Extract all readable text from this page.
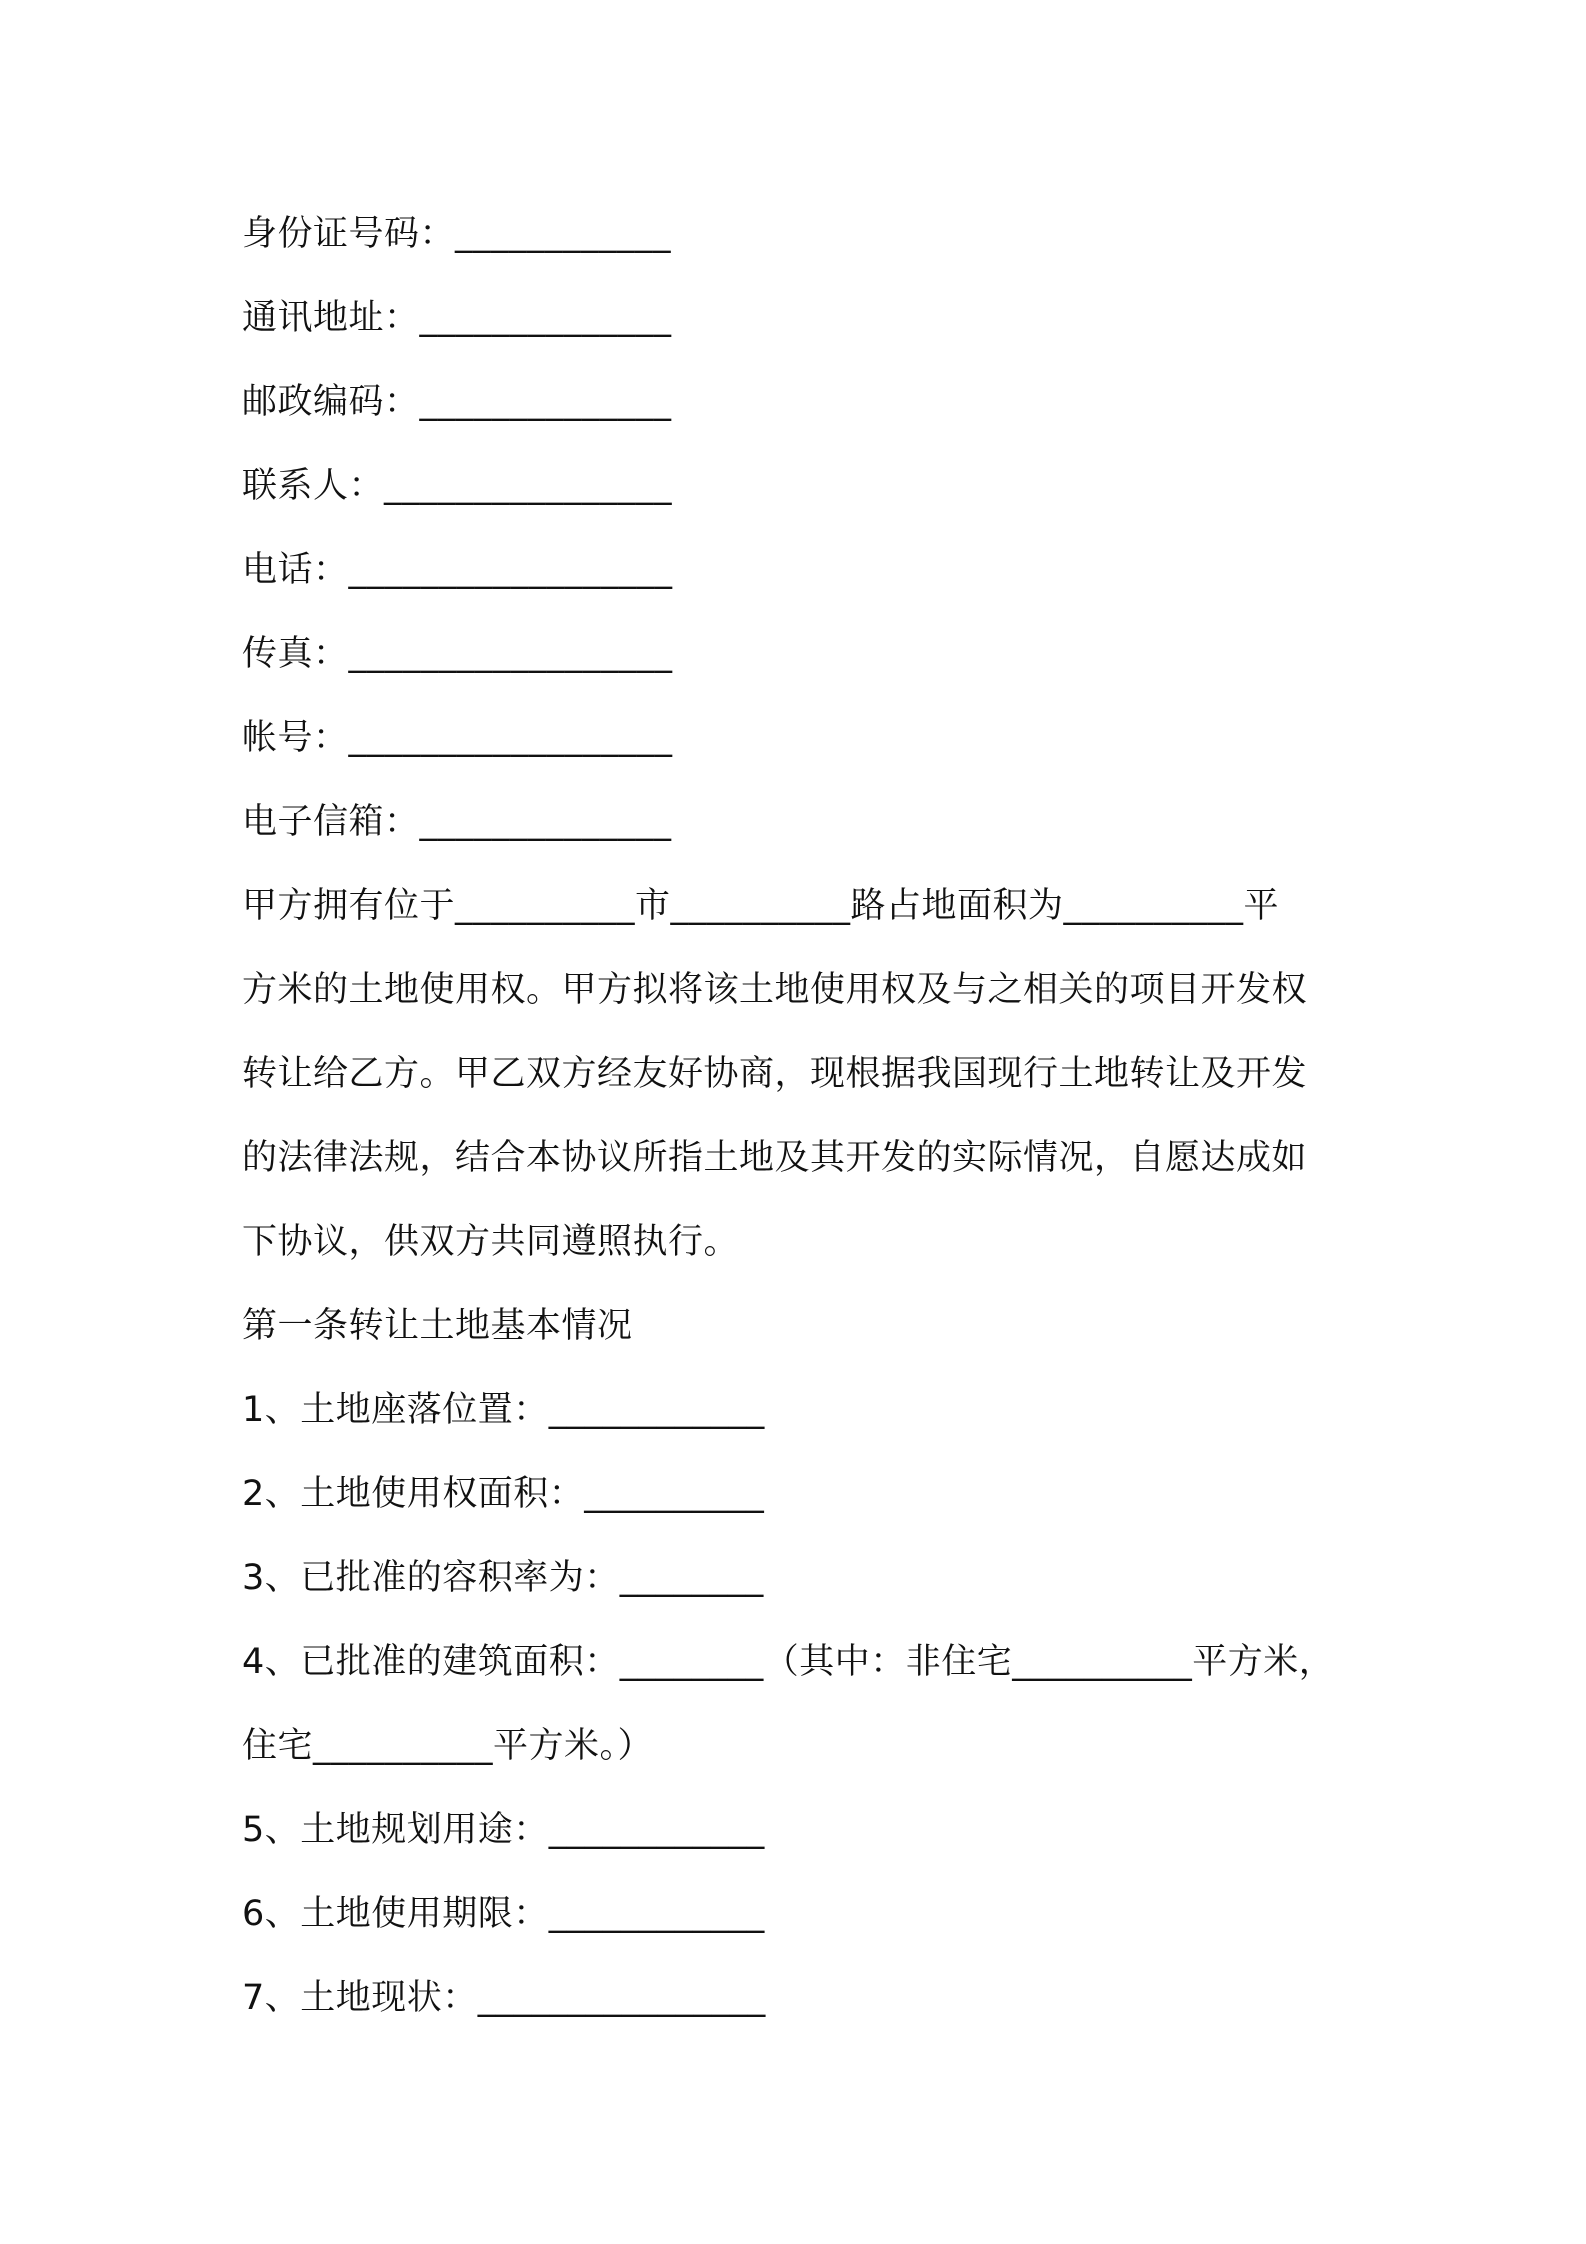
身份证号码：____________
通讯地址：______________
邮政编码：______________
联系人：________________
电话：__________________
传真：__________________
帐号：__________________
电子信箱：______________
甲方拥有位于__________市__________路占地面积为__________平
方米的土地使用权。甲方拟将该土地使用权及与之相关的项目开发权
转让给乙方。甲乙双方经友好协商，现根据我国现行土地转让及开发
的法律法规，结合本协议所指土地及其开发的实际情况，自愿达成如
下协议，供双方共同遵照执行。
第一条转让土地基本情况
1、土地座落位置：____________
2、土地使用权面积：__________
3、已批准的容积率为：________
4、已批准的建筑面积：________（其中：非住宅__________平方米，
住宅__________平方米。）
5、土地规划用途：____________
6、土地使用期限：____________
7、土地现状：________________
